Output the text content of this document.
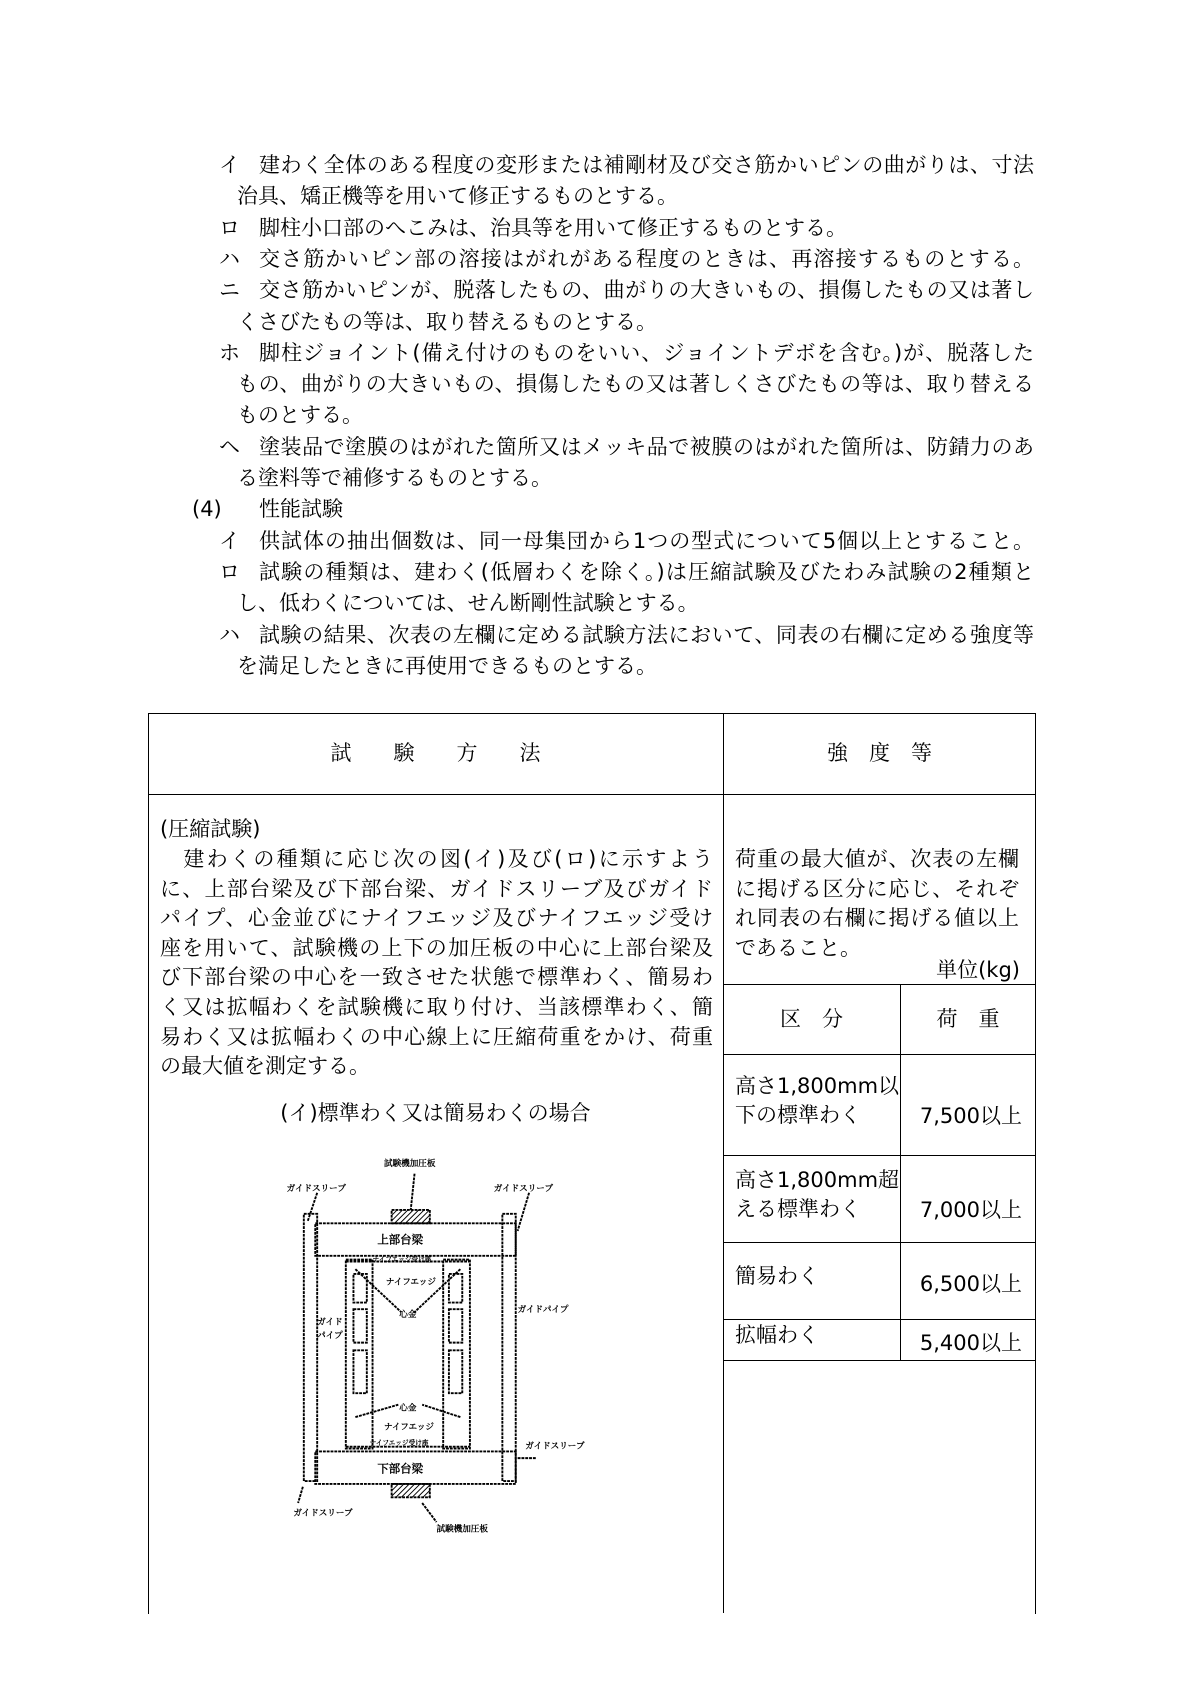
イ 建わく全体のある程度の変形または補剛材及び交さ筋かいピンの曲がりは、寸法
治具、矯正機等を用いて修正するものとする。
ロ 脚柱小口部のへこみは、治具等を用いて修正するものとする。
ハ 交さ筋かいピン部の溶接はがれがある程度のときは、再溶接するものとする。
ニ 交さ筋かいピンが、脱落したもの、曲がりの大きいもの、損傷したもの又は著し
くさびたもの等は、取り替えるものとする。
ホ 脚柱ジョイント(備え付けのものをいい、ジョイントデボを含む。)が、脱落した
もの、曲がりの大きいもの、損傷したもの又は著しくさびたもの等は、取り替える
ものとする。
ヘ 塗装品で塗膜のはがれた箇所又はメッキ品で被膜のはがれた箇所は、防錆力のあ
る塗料等で補修するものとする。
(4) 性能試験
イ 供試体の抽出個数は、同一母集団から1つの型式について5個以上とすること。
ロ 試験の種類は、建わく(低層わくを除く。)は圧縮試験及びたわみ試験の2種類と
し、低わくについては、せん断剛性試験とする。
ハ 試験の結果、次表の左欄に定める試験方法において、同表の右欄に定める強度等
を満足したときに再使用できるものとする。
試　　験　　方　　法	強　度　等
(圧縮試験)
　建わくの種類に応じ次の図(イ)及び(ロ)に示すよう
に、上部台梁及び下部台梁、ガイドスリーブ及びガイド
パイプ、心金並びにナイフエッジ及びナイフエッジ受け
座を用いて、試験機の上下の加圧板の中心に上部台梁及
び下部台梁の中心を一致させた状態で標準わく、簡易わ
く又は拡幅わくを試験機に取り付け、当該標準わく、簡
易わく又は拡幅わくの中心線上に圧縮荷重をかけ、荷重
の最大値を測定する。
(イ)標準わく又は簡易わくの場合
荷重の最大値が、次表の左欄
に掲げる区分に応じ、それぞ
れ同表の右欄に掲げる値以上
であること。
単位(kg)
区　分	荷　重
高さ1,800mm以
下の標準わく	7,500以上
高さ1,800mm超
える標準わく	7,000以上
簡易わく	6,500以上
拡幅わく	5,400以上
試験機加圧板
ガイドスリーブ	ガイドスリーブ
上部台梁
ナイフエッジ受け座
ナイフエッジ
心金
ガイド
パイプ
ガイドパイプ
心金
ナイフエッジ
ナイフエッジ受け座	ガイドスリーブ
下部台梁
ガイドスリーブ
試験機加圧板
